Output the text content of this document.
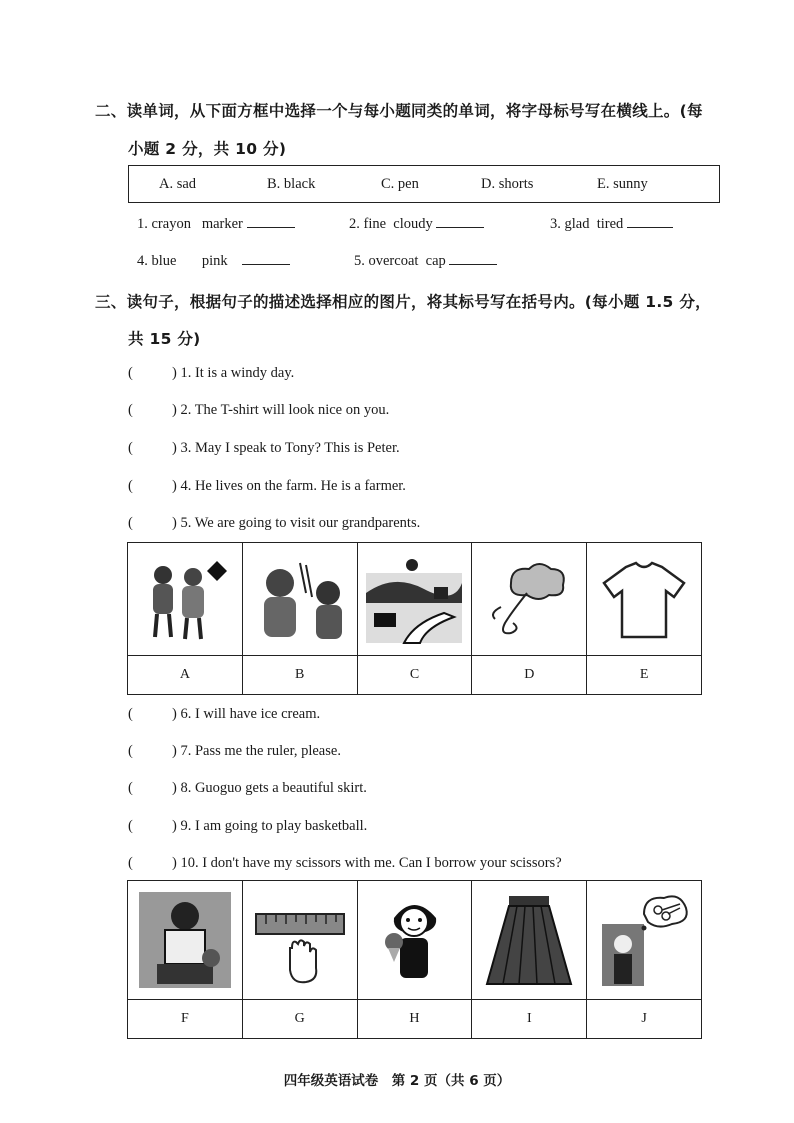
二、读单词，从下面方框中选择一个与每小题同类的单词，将字母标号写在横线上。(每
小题 2 分，共 10 分)
A. sad	B. black	C. pen	D. shorts	E. sunny
1. crayon marker	2. fine cloudy	3. glad tired
4. blue pink	5. overcoat cap
三、读句子，根据句子的描述选择相应的图片，将其标号写在括号内。(每小题 1.5 分，
共 15 分)
(	) 1. It is a windy day.
(	) 2. The T-shirt will look nice on you.
(	) 3. May I speak to Tony? This is Peter.
(	) 4. He lives on the farm. He is a farmer.
(	) 5. We are going to visit our grandparents.

A	B	C	D	E
(	) 6. I will have ice cream.
(	) 7. Pass me the ruler, please.
(	) 8. Guoguo gets a beautiful skirt.
(	) 9. I am going to play basketball.
(	) 10. I don't have my scissors with me. Can I borrow your scissors?

F	G	H	I	J
四年级英语试卷　第 2 页（共 6 页）
